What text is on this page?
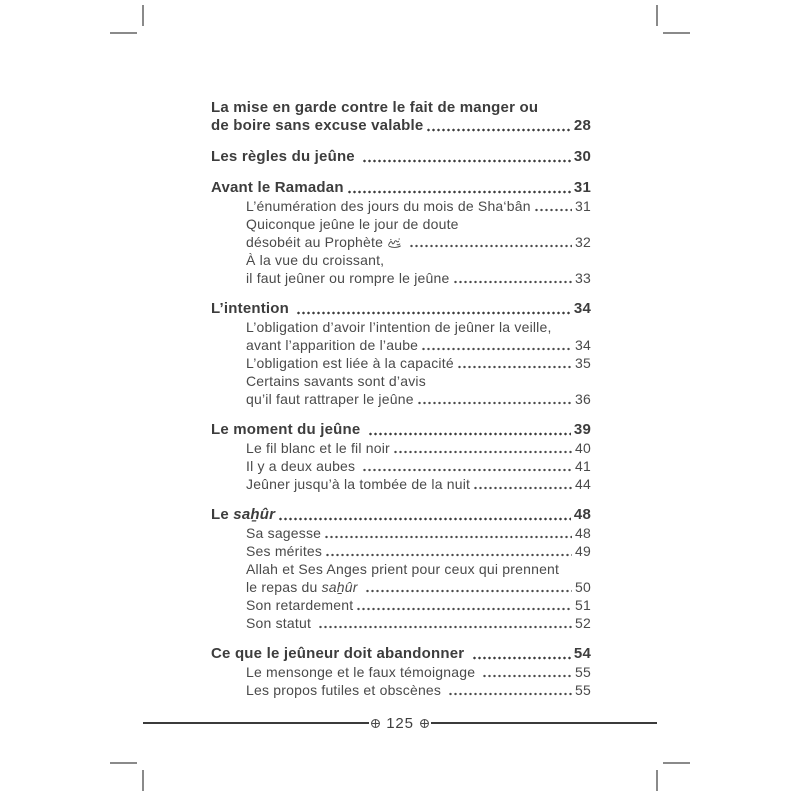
La mise en garde contre le fait de manger ou
de boire sans excuse valable	28
Les règles du jeûne	30
Avant le Ramadan	31
L’énumération des jours du mois de Sha‘bân	31
Quiconque jeûne le jour de doute
désobéit au Prophète	32
À la vue du croissant,
il faut jeûner ou rompre le jeûne	33
L’intention	34
L’obligation d’avoir l’intention de jeûner la veille,
avant l’apparition de l’aube	34
L’obligation est liée à la capacité	35
Certains savants sont d’avis
qu’il faut rattraper le jeûne	36
Le moment du jeûne	39
Le fil blanc et le fil noir	40
Il y a deux aubes	41
Jeûner jusqu’à la tombée de la nuit	44
Le saẖûr	48
Sa sagesse	48
Ses mérites	49
Allah et Ses Anges prient pour ceux qui prennent
le repas du saẖûr	50
Son retardement	51
Son statut	52
Ce que le jeûneur doit abandonner	54
Le mensonge et le faux témoignage	55
Les propos futiles et obscènes	55
125
